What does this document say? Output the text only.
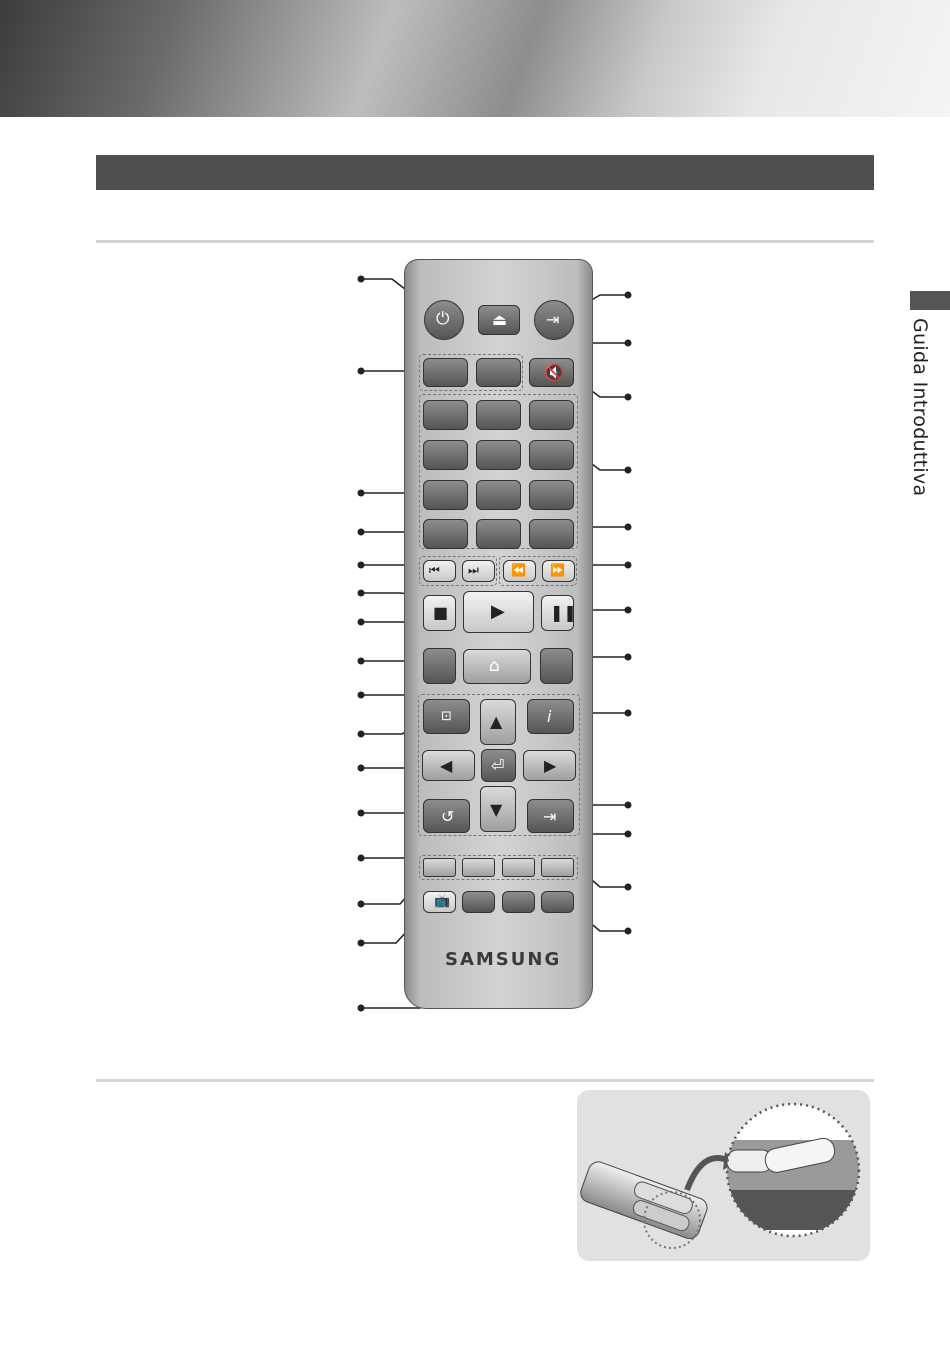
Guida Introduttiva
⏻	⏏ ⇥
🔇
⏮ ⏭	⏪ ⏩
■ ▶	❚❚
⌂
⊡	i
▲
◀ ⏎ ▶
▼
↺	⇥
📺
SAMSUNG
